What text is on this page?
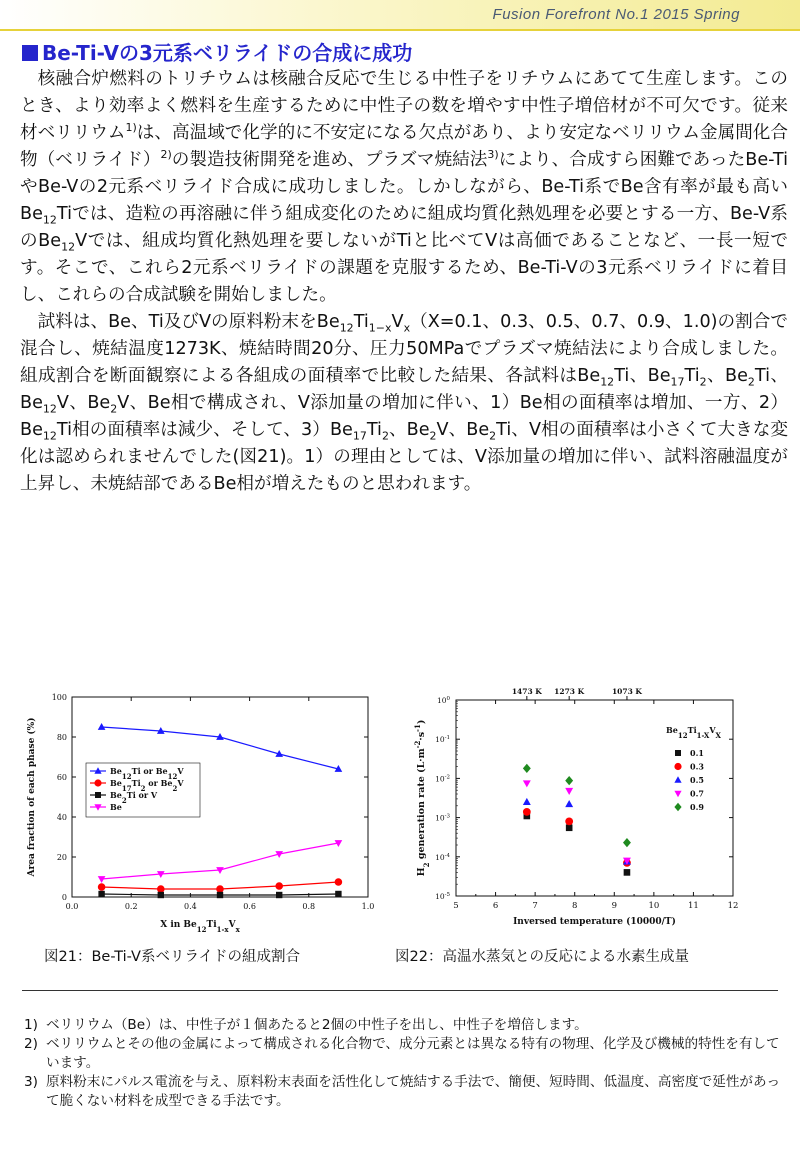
Fusion Forefront No.1 2015 Spring
Be-Ti-Vの3元系ベリライドの合成に成功

核融合炉燃料のトリチウムは核融合反応で生じる中性子をリチウムにあてて生産します。このとき、より効率よく燃料を生産するために中性子の数を増やす中性子増倍材が不可欠です。従来材ベリリウム$^{1)}$は、高温域で化学的に不安定になる欠点があり、より安定なベリリウム金属間化合物（ベリライド）$^{2)}$の製造技術開発を進め、プラズマ焼結法$^{3)}$により、合成すら困難であったBe-TiやBe-Vの2元系ベリライド合成に成功しました。しかしながら、Be-Ti系でBe含有率が最も高い$Be_{12}Ti$では、造粒の再溶融に伴う組成変化のために組成均質化熱処理を必要とする一方、Be-V系の$Be_{12}V$では、組成均質化熱処理を要しないがTiと比べてVは高価であることなど、一長一短です。そこで、これら2元系ベリライドの課題を克服するため、Be-Ti-Vの3元系ベリライドに着目し、これらの合成試験を開始しました。

試料は、Be、Ti及びVの原料粉末を$Be_{12}Ti_{1-x}V_x(X=0.1$、0.3、0.5、0.7、0.9、1.0)の割合で混合し、焼結温度1273K、焼結時間20分、圧力50MPaでプラズマ焼結法により合成しました。組成割合を断面観察による各組成の面積率で比較した結果、各試料は$Be_{12}Ti$、$Be_{17}Ti_2$、$Be_2Ti$、$Be_{12}V$、$Be_2V$、Be相で構成され、V添加量の増加に伴い、1）Be相の面積率は増加、一方、$2)Be_{12}Ti$相の面積率は減少、そして、$3)Be_{17}Ti_2$、$Be_2V$、$Be_2Ti$、V相の面積率は小さくて大きな変化は認められませんでした(図21)。1）の理由としては、V添加量の増加に伴い、試料溶融温度が上昇し、未焼結部であるBe相が増えたものと思われます。

0.0	0.2	0.4	0.6	0.8	1.0
0
20
40
60
80
100
X in $Be_{12}Ti_{1-x}V_x$
Area fraction of each phase (%)	$Be_{12}Ti$ or $Be_{12}V$
$Be_{17}Ti_2$ or $Be_2V$
$Be_2Ti$ or V
Be
図21：Be-Ti-V系ベリライドの組成割合
5	6	7	8	9	10	11	12
$10^0$
$10^{-1}$
$10^{-2}$
$10^{-3}$
$10^{-4}$
$10^{-5}$
1473 K 1273 K	1073 K
Inversed temperature (10000/T)
$H_2$ generation rate $(L\cdot m^{-2}\cdot s^{-1})$
$Be_{12}Ti_{1-X}V_X$
0.1
0.3
0.5
0.7
0.9
図22：高温水蒸気との反応による水素生成量
1) ベリリウム（Be）は、中性子が１個あたると2個の中性子を出し、中性子を増倍します。
2) ベリリウムとその他の金属によって構成される化合物で、成分元素とは異なる特有の物理、化学及び機械的特性を有しています。
3) 原料粉末にパルス電流を与え、原料粉末表面を活性化して焼結する手法で、簡便、短時間、低温度、高密度で延性があって脆くない材料を成型できる手法です。
